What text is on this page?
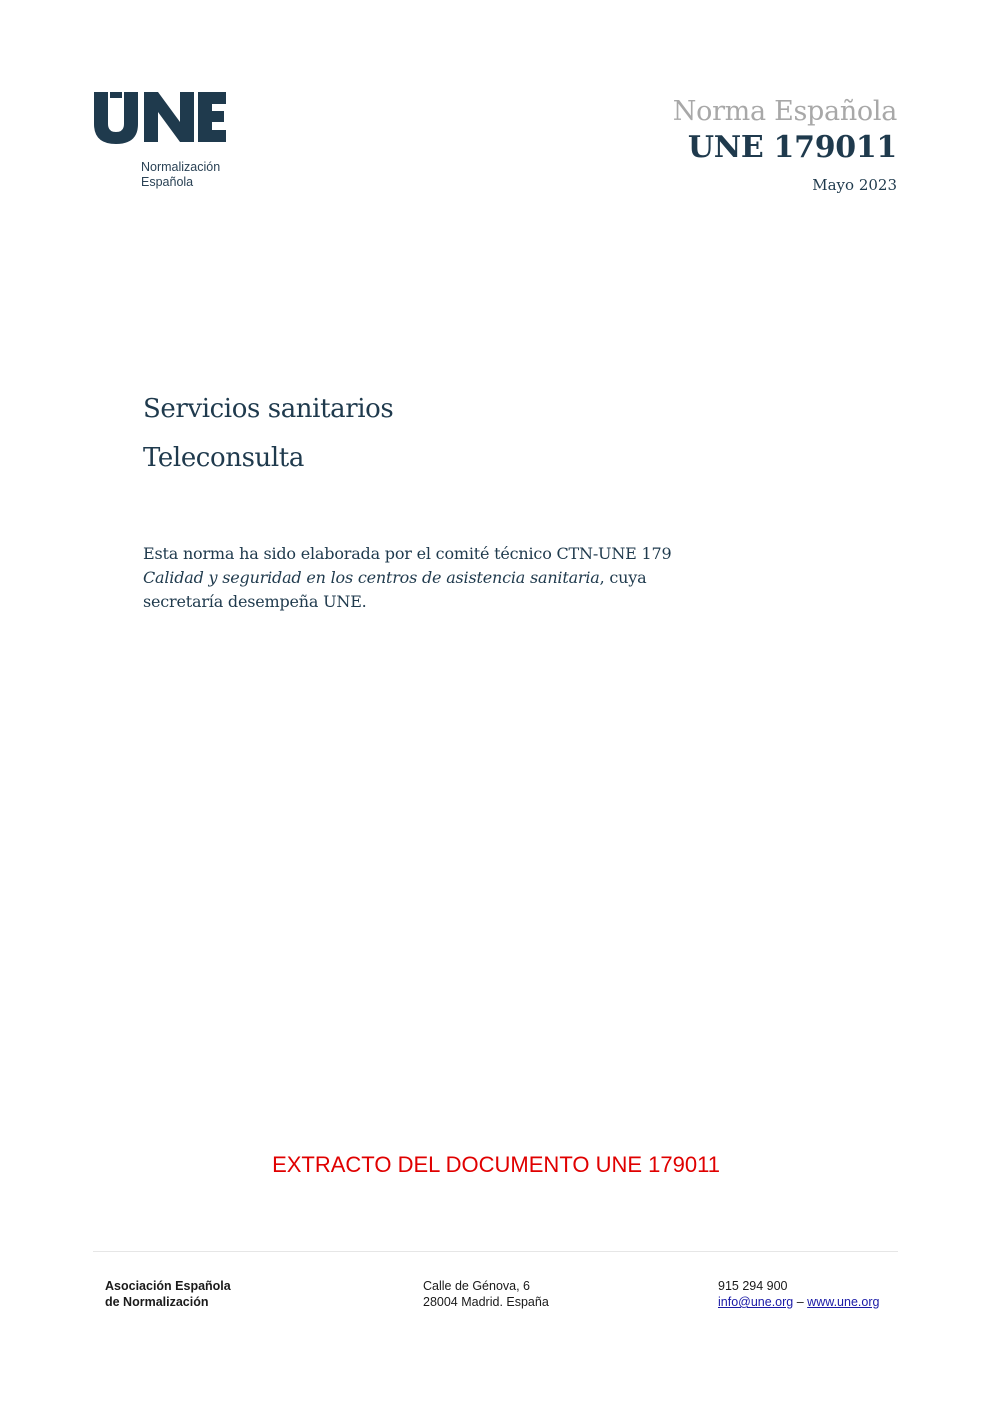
Normalización
Española
Norma Española
UNE 179011
Mayo 2023
Servicios sanitarios
Teleconsulta
Esta norma ha sido elaborada por el comité técnico CTN-UNE 179 Calidad y seguridad en los centros de asistencia sanitaria, cuya secretaría desempeña UNE.
EXTRACTO DEL DOCUMENTO UNE 179011
Asociación Española
de Normalización
Calle de Génova, 6
28004 Madrid. España
915 294 900
info@une.org – www.une.org
